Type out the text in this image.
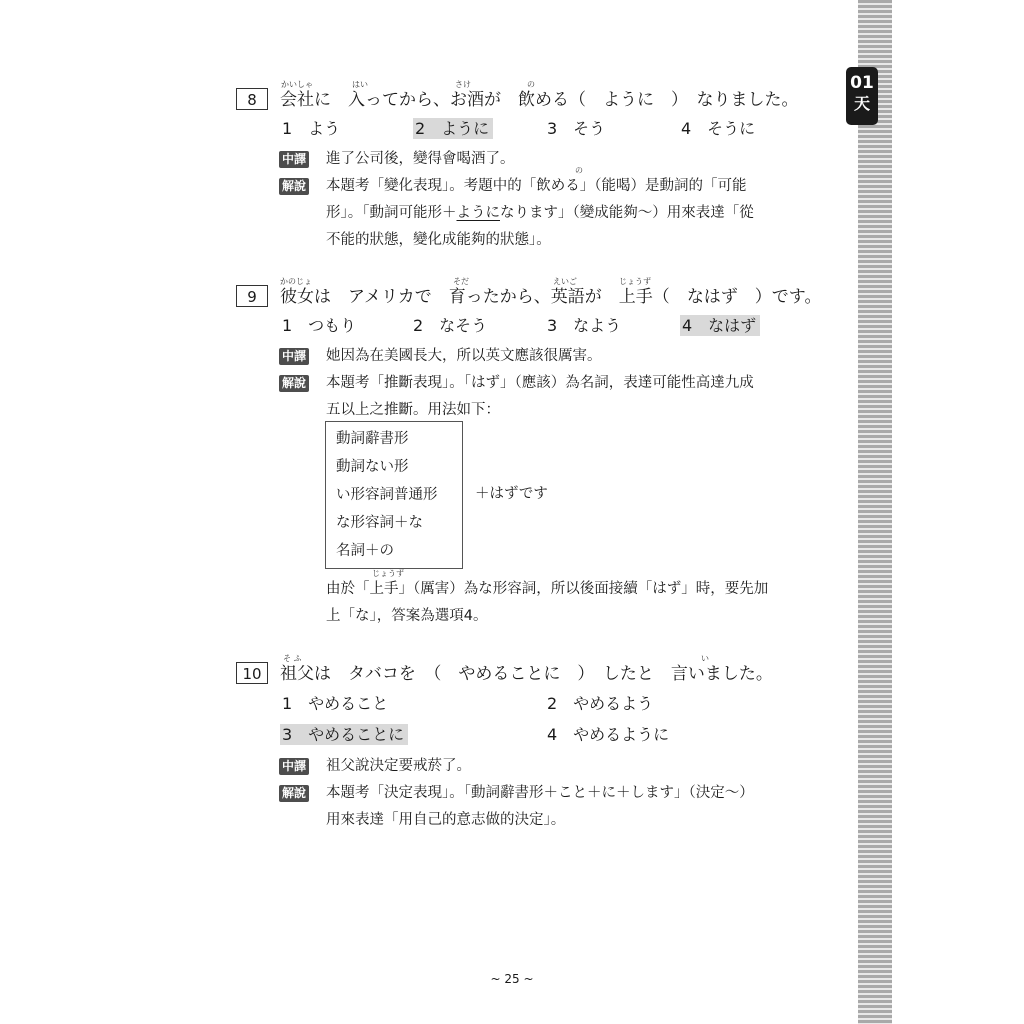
01
天
8
かいしゃ	はい	さけ	の
会社に　入ってから、お酒が　飲める（　ように　）　なりました。
1　よう	2　ように	3　そう	4　そうに
中譯 進了公司後，變得會喝酒了。
解說
の
本題考「變化表現」。考題中的「飲める」（能喝）是動詞的「可能
形」。「動詞可能形＋ようになります」（變成能夠～）用來表達「從
不能的狀態，變化成能夠的狀態」。
9
かのじょ	そだ	えいご	じょうず
彼女は　アメリカで　育ったから、英語が　上手（　なはず　）です。
1　つもり	2　なそう	3　なよう	4　なはず
中譯 她因為在美國長大，所以英文應該很厲害。
解說 本題考「推斷表現」。「はず」（應該）為名詞，表達可能性高達九成
五以上之推斷。用法如下：
動詞辭書形
動詞ない形
い形容詞普通形
な形容詞＋な
名詞＋の
＋はずです
じょうず
由於「上手」（厲害）為な形容詞，所以後面接續「はず」時，要先加
上「な」，答案為選項4。
10
そ ふ	い
祖父は　タバコを　（　やめることに　）　したと　言いました。
1　やめること	2　やめるよう
3　やめることに	4　やめるように
中譯 祖父說決定要戒菸了。
解說 本題考「決定表現」。「動詞辭書形＋こと＋に＋します」（決定～）
用來表達「用自己的意志做的決定」。
~ 25 ~
